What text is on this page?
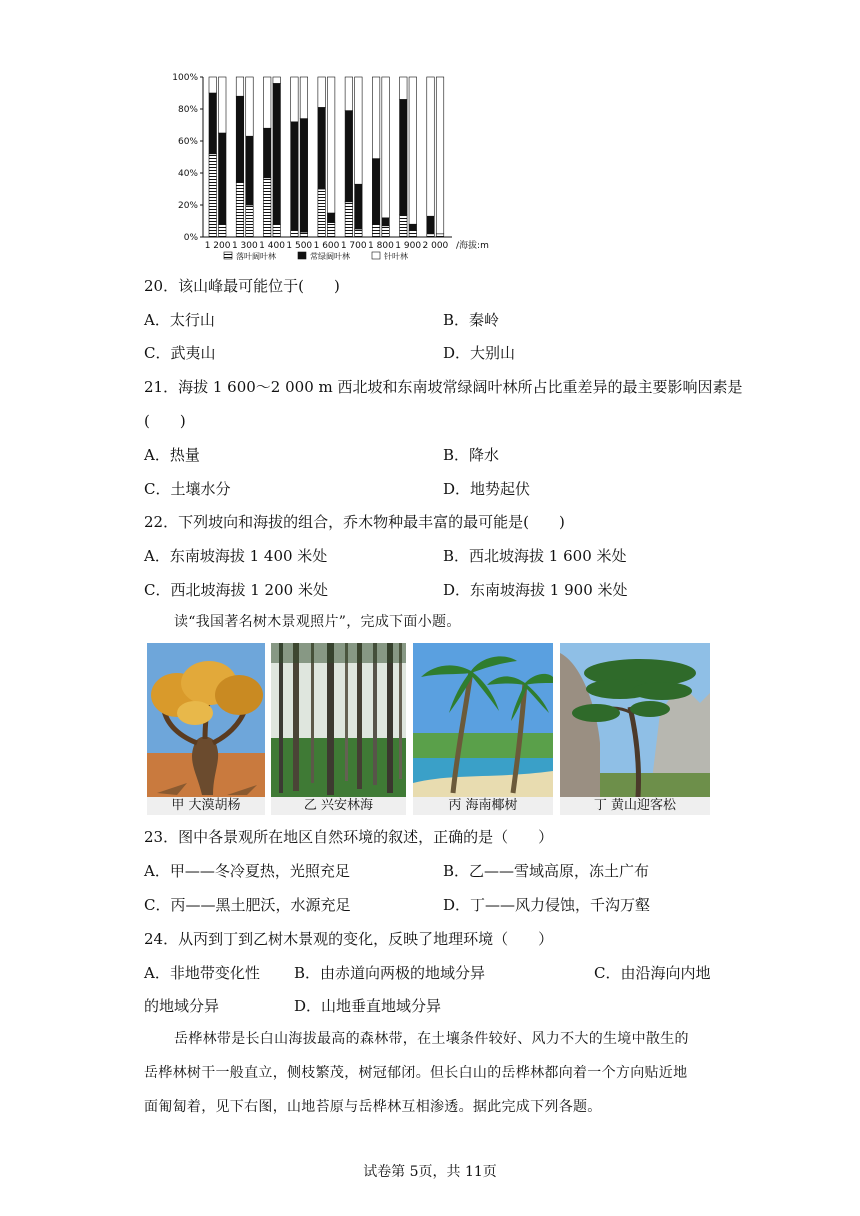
0%
20%
40%
60%
80%
100%
1 200 1 300 1 400 1 500 1 600 1 700 1 800 1 900 2 000 /海拔:m
落叶阔叶林	常绿阔叶林	针叶林
20．该山峰最可能位于(　　)
A．太行山	B．秦岭
C．武夷山	D．大别山
21．海拔 1 600～2 000 m 西北坡和东南坡常绿阔叶林所占比重差异的最主要影响因素是
(　　)
A．热量	B．降水
C．土壤水分	D．地势起伏
22．下列坡向和海拔的组合，乔木物种最丰富的最可能是(　　)
A．东南坡海拔 1 400 米处	B．西北坡海拔 1 600 米处
C．西北坡海拔 1 200 米处	D．东南坡海拔 1 900 米处
读“我国著名树木景观照片”，完成下面小题。
甲 大漠胡杨	乙 兴安林海	丙 海南椰树	丁 黄山迎客松
23．图中各景观所在地区自然环境的叙述，正确的是（　　）
A．甲——冬冷夏热，光照充足	B．乙——雪域高原，冻土广布
C．丙——黑土肥沃，水源充足	D．丁——风力侵蚀，千沟万壑
24．从丙到丁到乙树木景观的变化，反映了地理环境（　　）
A．非地带变化性 B．由赤道向两极的地域分异	C．由沿海向内地
的地域分异	D．山地垂直地域分异
岳桦林带是长白山海拔最高的森林带，在土壤条件较好、风力不大的生境中散生的
岳桦林树干一般直立，侧枝繁茂，树冠郁闭。但长白山的岳桦林都向着一个方向贴近地
面匍匐着，见下右图，山地苔原与岳桦林互相渗透。据此完成下列各题。
试卷第 5页，共 11页
